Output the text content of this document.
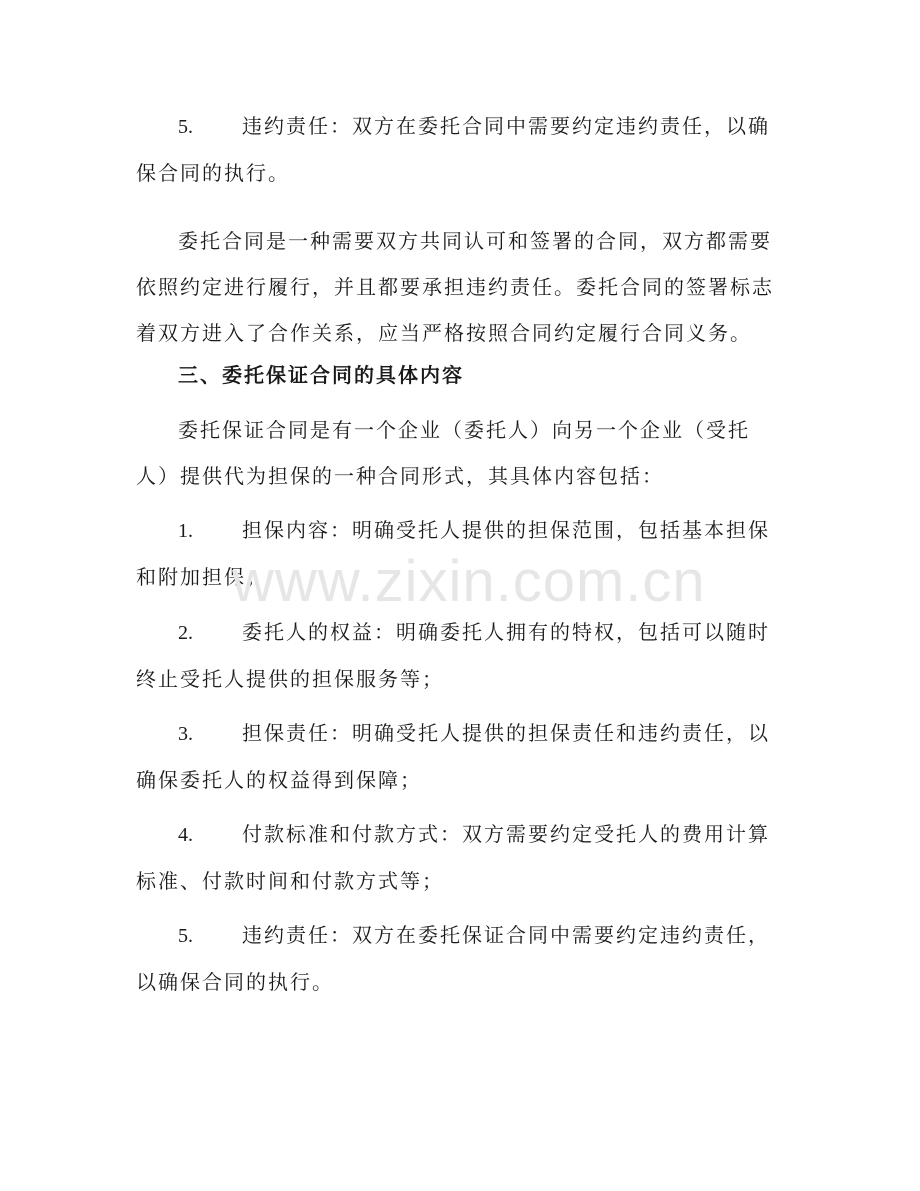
5. 违约责任：双方在委托合同中需要约定违约责任，以确保合同的执行。

委托合同是一种需要双方共同认可和签署的合同，双方都需要依照约定进行履行，并且都要承担违约责任。委托合同的签署标志着双方进入了合作关系，应当严格按照合同约定履行合同义务。

三、委托保证合同的具体内容

委托保证合同是有一个企业（委托人）向另一个企业（受托人）提供代为担保的一种合同形式，其具体内容包括：

1. 担保内容：明确受托人提供的担保范围，包括基本担保和附加担保；

2. 委托人的权益：明确委托人拥有的特权，包括可以随时终止受托人提供的担保服务等；

3. 担保责任：明确受托人提供的担保责任和违约责任，以确保委托人的权益得到保障；

4. 付款标准和付款方式：双方需要约定受托人的费用计算标准、付款时间和付款方式等；

5. 违约责任：双方在委托保证合同中需要约定违约责任，以确保合同的执行。

www.zixin.com.cn
